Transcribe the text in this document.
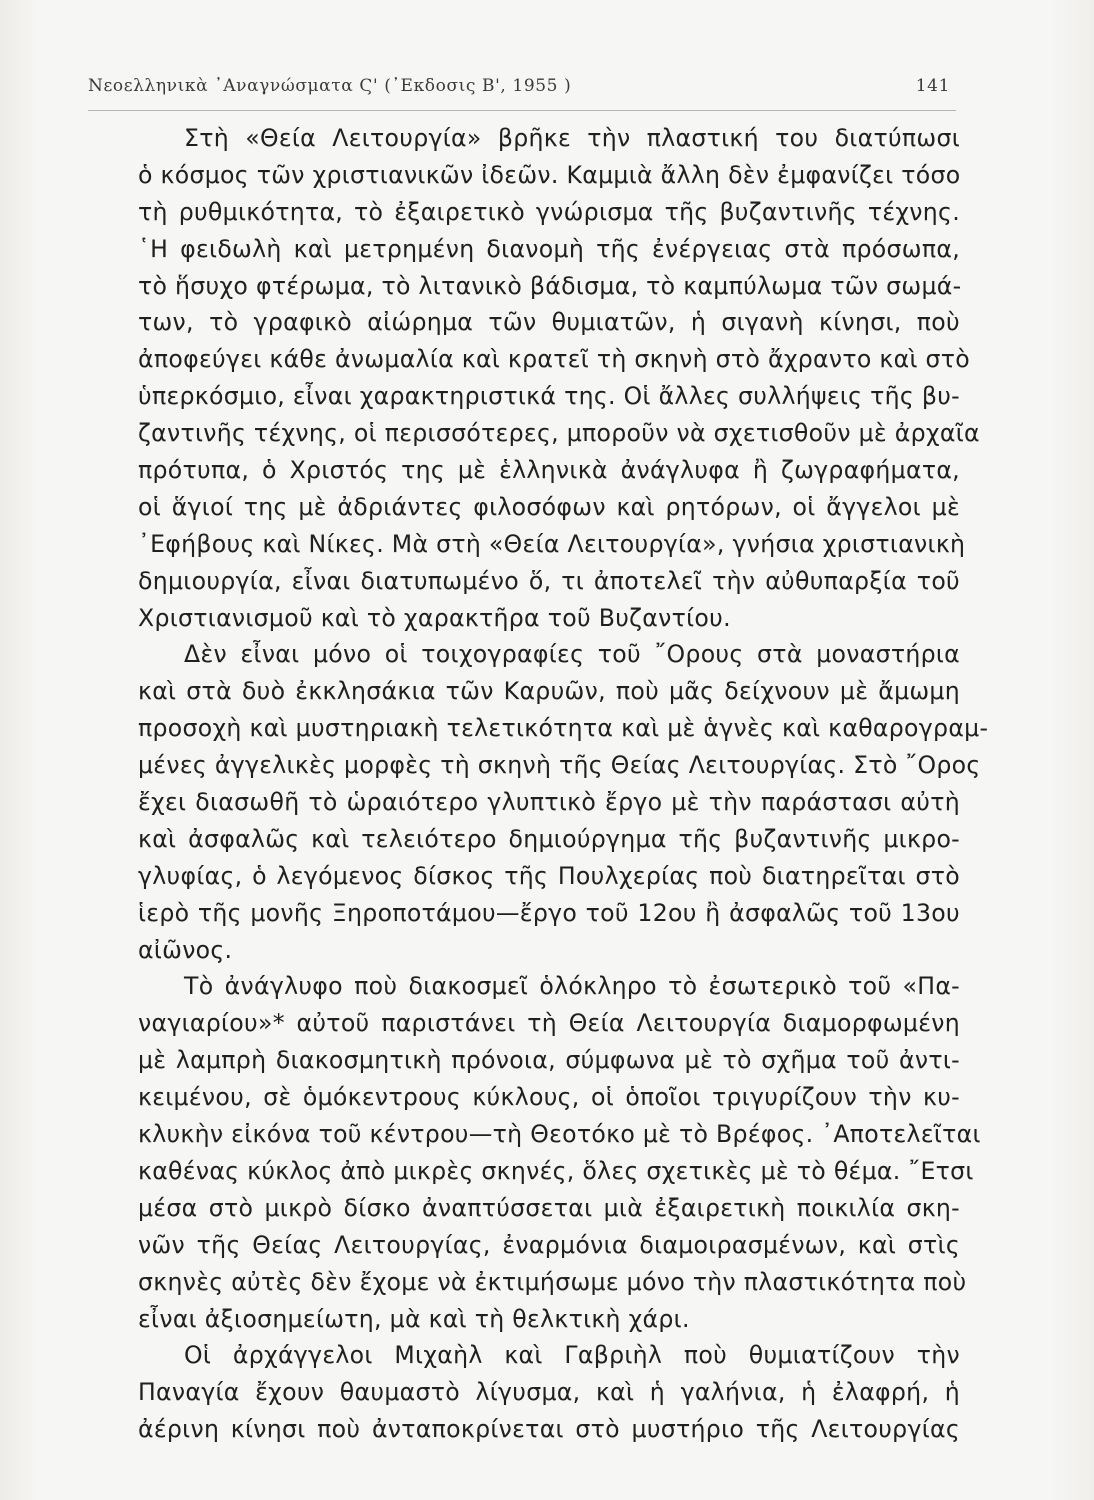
Νεοελληνικὰ ᾿Αναγνώσματα Ϛ' (᾿Εκδοσις Β', 1955 )	141
Στὴ «Θεία Λειτουργία» βρῆκε τὴν πλαστική του διατύπωσι
ὁ κόσμος τῶν χριστιανικῶν ἰδεῶν. Καμμιὰ ἄλλη δὲν ἐμφανίζει τόσο
τὴ ρυθμικότητα, τὸ ἐξαιρετικὸ γνώρισμα τῆς βυζαντινῆς τέχνης.
῾Η φειδωλὴ καὶ μετρημένη διανομὴ τῆς ἐνέργειας στὰ πρόσωπα,
τὸ ἥσυχο φτέρωμα, τὸ λιτανικὸ βάδισμα, τὸ καμπύλωμα τῶν σωμά-
των, τὸ γραφικὸ αἰώρημα τῶν θυμιατῶν, ἡ σιγανὴ κίνησι, ποὺ
ἀποφεύγει κάθε ἀνωμαλία καὶ κρατεῖ τὴ σκηνὴ στὸ ἄχραντο καὶ στὸ
ὑπερκόσμιο, εἶναι χαρακτηριστικά της. Οἱ ἄλλες συλλήψεις τῆς βυ-
ζαντινῆς τέχνης, οἱ περισσότερες, μποροῦν νὰ σχετισθοῦν μὲ ἀρχαῖα
πρότυπα, ὁ Χριστός της μὲ ἑλληνικὰ ἀνάγλυφα ἢ ζωγραφήματα,
οἱ ἅγιοί της μὲ ἀδριάντες φιλοσόφων καὶ ρητόρων, οἱ ἄγγελοι μὲ
᾿Εφήβους καὶ Νίκες. Μὰ στὴ «Θεία Λειτουργία», γνήσια χριστιανικὴ
δημιουργία, εἶναι διατυπωμένο ὅ, τι ἀποτελεῖ τὴν αὐθυπαρξία τοῦ
Χριστιανισμοῦ καὶ τὸ χαρακτῆρα τοῦ Βυζαντίου.
Δὲν εἶναι μόνο οἱ τοιχογραφίες τοῦ ῎Ορους στὰ μοναστήρια
καὶ στὰ δυὸ ἐκκλησάκια τῶν Καρυῶν, ποὺ μᾶς δείχνουν μὲ ἄμωμη
προσοχὴ καὶ μυστηριακὴ τελετικότητα καὶ μὲ ἁγνὲς καὶ καθαρογραμ-
μένες ἀγγελικὲς μορφὲς τὴ σκηνὴ τῆς Θείας Λειτουργίας. Στὸ ῎Ορος
ἔχει διασωθῆ τὸ ὡραιότερο γλυπτικὸ ἔργο μὲ τὴν παράστασι αὐτὴ
καὶ ἀσφαλῶς καὶ τελειότερο δημιούργημα τῆς βυζαντινῆς μικρο-
γλυφίας, ὁ λεγόμενος δίσκος τῆς Πουλχερίας ποὺ διατηρεῖται στὸ
ἱερὸ τῆς μονῆς Ξηροποτάμου—ἔργο τοῦ 12ου ἢ ἀσφαλῶς τοῦ 13ου
αἰῶνος.
Τὸ ἀνάγλυφο ποὺ διακοσμεῖ ὁλόκληρο τὸ ἐσωτερικὸ τοῦ «Πα-
ναγιαρίου»* αὐτοῦ παριστάνει τὴ Θεία Λειτουργία διαμορφωμένη
μὲ λαμπρὴ διακοσμητικὴ πρόνοια, σύμφωνα μὲ τὸ σχῆμα τοῦ ἀντι-
κειμένου, σὲ ὁμόκεντρους κύκλους, οἱ ὁποῖοι τριγυρίζουν τὴν κυ-
κλυκὴν εἰκόνα τοῦ κέντρου—τὴ Θεοτόκο μὲ τὸ Βρέφος. ᾿Αποτελεῖται
καθένας κύκλος ἀπὸ μικρὲς σκηνές, ὅλες σχετικὲς μὲ τὸ θέμα. ῎Ετσι
μέσα στὸ μικρὸ δίσκο ἀναπτύσσεται μιὰ ἐξαιρετικὴ ποικιλία σκη-
νῶν τῆς Θείας Λειτουργίας, ἐναρμόνια διαμοιρασμένων, καὶ στὶς
σκηνὲς αὐτὲς δὲν ἔχομε νὰ ἐκτιμήσωμε μόνο τὴν πλαστικότητα ποὺ
εἶναι ἀξιοσημείωτη, μὰ καὶ τὴ θελκτικὴ χάρι.
Οἱ ἀρχάγγελοι Μιχαὴλ καὶ Γαβριὴλ ποὺ θυμιατίζουν τὴν
Παναγία ἔχουν θαυμαστὸ λίγυσμα, καὶ ἡ γαλήνια, ἡ ἐλαφρή, ἡ
ἀέρινη κίνησι ποὺ ἀνταποκρίνεται στὸ μυστήριο τῆς Λειτουργίας
